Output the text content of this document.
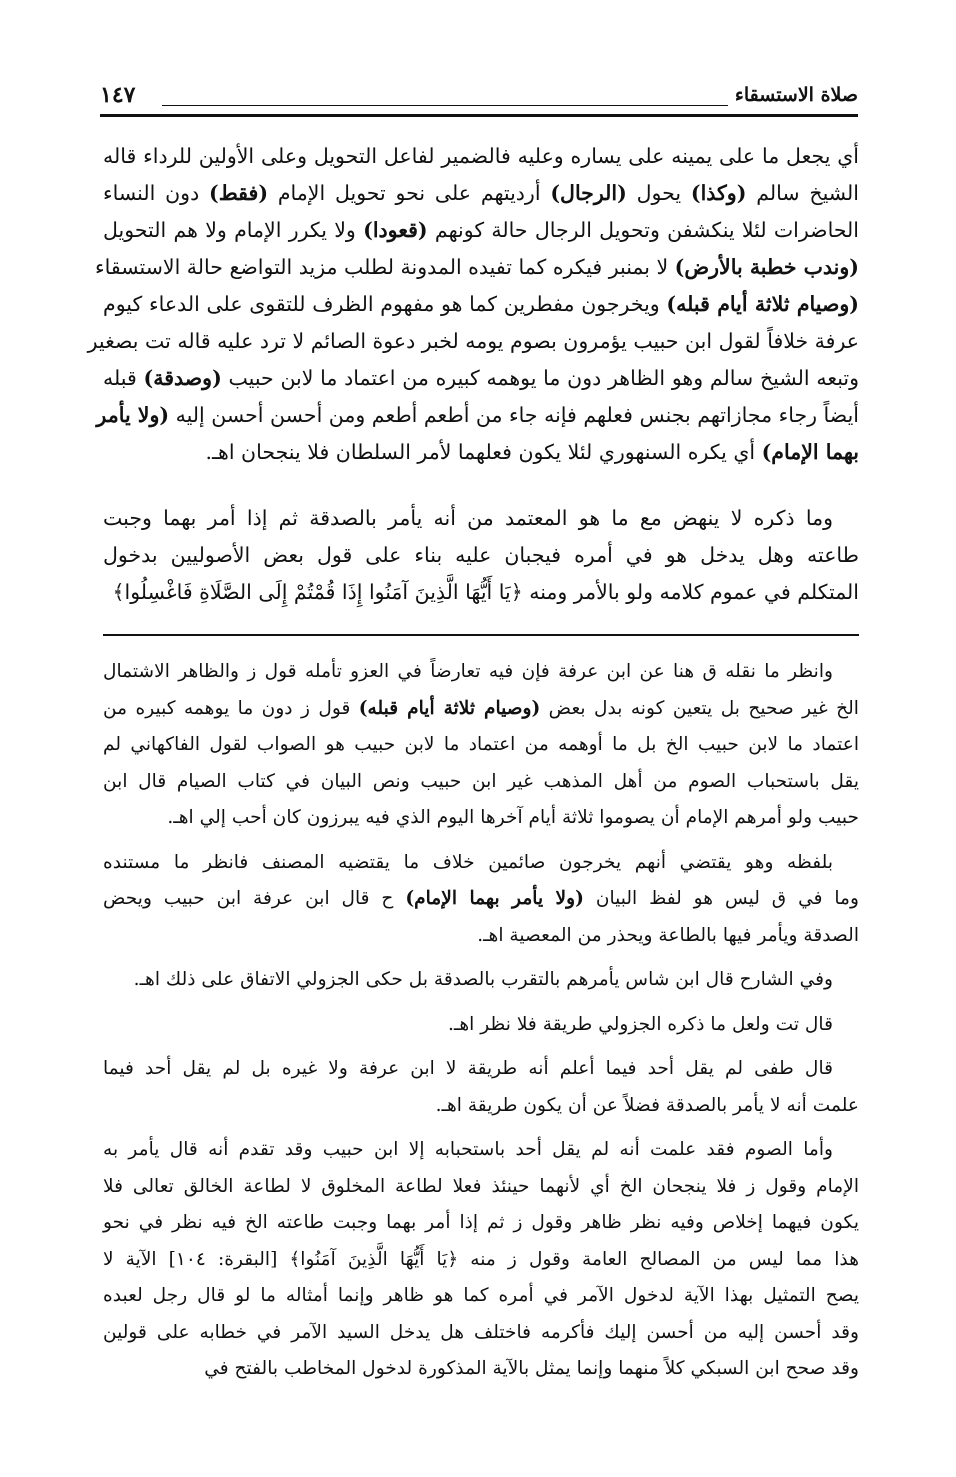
صلاة الاستسقاء
١٤٧
أي يجعل ما على يمينه على يساره وعليه فالضمير لفاعل التحويل وعلى الأولين للرداء قاله
الشيخ سالم (وكذا) يحول (الرجال) أرديتهم على نحو تحويل الإمام (فقط) دون النساء
الحاضرات لئلا ينكشفن وتحويل الرجال حالة كونهم (قعودا) ولا يكرر الإمام ولا هم التحويل
(وندب خطبة بالأرض) لا بمنبر فيكره كما تفيده المدونة لطلب مزيد التواضع حالة الاستسقاء
(وصيام ثلاثة أيام قبله) ويخرجون مفطرين كما هو مفهوم الظرف للتقوى على الدعاء كيوم
عرفة خلافاً لقول ابن حبيب يؤمرون بصوم يومه لخبر دعوة الصائم لا ترد عليه قاله تت بصغير
وتبعه الشيخ سالم وهو الظاهر دون ما يوهمه كبيره من اعتماد ما لابن حبيب (وصدقة) قبله
أيضاً رجاء مجازاتهم بجنس فعلهم فإنه جاء من أطعم أطعم ومن أحسن أحسن إليه (ولا يأمر
بهما الإمام) أي يكره السنهوري لئلا يكون فعلهما لأمر السلطان فلا ينجحان اهـ.
وما ذكره لا ينهض مع ما هو المعتمد من أنه يأمر بالصدقة ثم إذا أمر بهما وجبت
طاعته وهل يدخل هو في أمره فيجبان عليه بناء على قول بعض الأصوليين بدخول
المتكلم في عموم كلامه ولو بالأمر ومنه ﴿يَا أَيُّهَا الَّذِينَ آمَنُوا إِذَا قُمْتُمْ إِلَى الصَّلَاةِ فَاغْسِلُوا﴾
وانظر ما نقله ق هنا عن ابن عرفة فإن فيه تعارضاً في العزو تأمله قول ز والظاهر الاشتمال
الخ غير صحيح بل يتعين كونه بدل بعض (وصيام ثلاثة أيام قبله) قول ز دون ما يوهمه كبيره من
اعتماد ما لابن حبيب الخ بل ما أوهمه من اعتماد ما لابن حبيب هو الصواب لقول الفاكهاني لم
يقل باستحباب الصوم من أهل المذهب غير ابن حبيب ونص البيان في كتاب الصيام قال ابن
حبيب ولو أمرهم الإمام أن يصوموا ثلاثة أيام آخرها اليوم الذي فيه يبرزون كان أحب إلي اهـ.
بلفظه وهو يقتضي أنهم يخرجون صائمين خلاف ما يقتضيه المصنف فانظر ما مستنده
وما في ق ليس هو لفظ البيان (ولا يأمر بهما الإمام) ح قال ابن عرفة ابن حبيب ويحض
الصدقة ويأمر فيها بالطاعة ويحذر من المعصية اهـ.
وفي الشارح قال ابن شاس يأمرهم بالتقرب بالصدقة بل حكى الجزولي الاتفاق على ذلك اهـ.
قال تت ولعل ما ذكره الجزولي طريقة فلا نظر اهـ.
قال طفى لم يقل أحد فيما أعلم أنه طريقة لا ابن عرفة ولا غيره بل لم يقل أحد فيما
علمت أنه لا يأمر بالصدقة فضلاً عن أن يكون طريقة اهـ.
وأما الصوم فقد علمت أنه لم يقل أحد باستحبابه إلا ابن حبيب وقد تقدم أنه قال يأمر به
الإمام وقول ز فلا ينجحان الخ أي لأنهما حينئذ فعلا لطاعة المخلوق لا لطاعة الخالق تعالى فلا
يكون فيهما إخلاص وفيه نظر ظاهر وقول ز ثم إذا أمر بهما وجبت طاعته الخ فيه نظر في نحو
هذا مما ليس من المصالح العامة وقول ز منه ﴿يَا أَيُّهَا الَّذِينَ آمَنُوا﴾ [البقرة: ١٠٤] الآية لا
يصح التمثيل بهذا الآية لدخول الآمر في أمره كما هو ظاهر وإنما أمثاله ما لو قال رجل لعبده
وقد أحسن إليه من أحسن إليك فأكرمه فاختلف هل يدخل السيد الآمر في خطابه على قولين
وقد صحح ابن السبكي كلاً منهما وإنما يمثل بالآية المذكورة لدخول المخاطب بالفتح في
